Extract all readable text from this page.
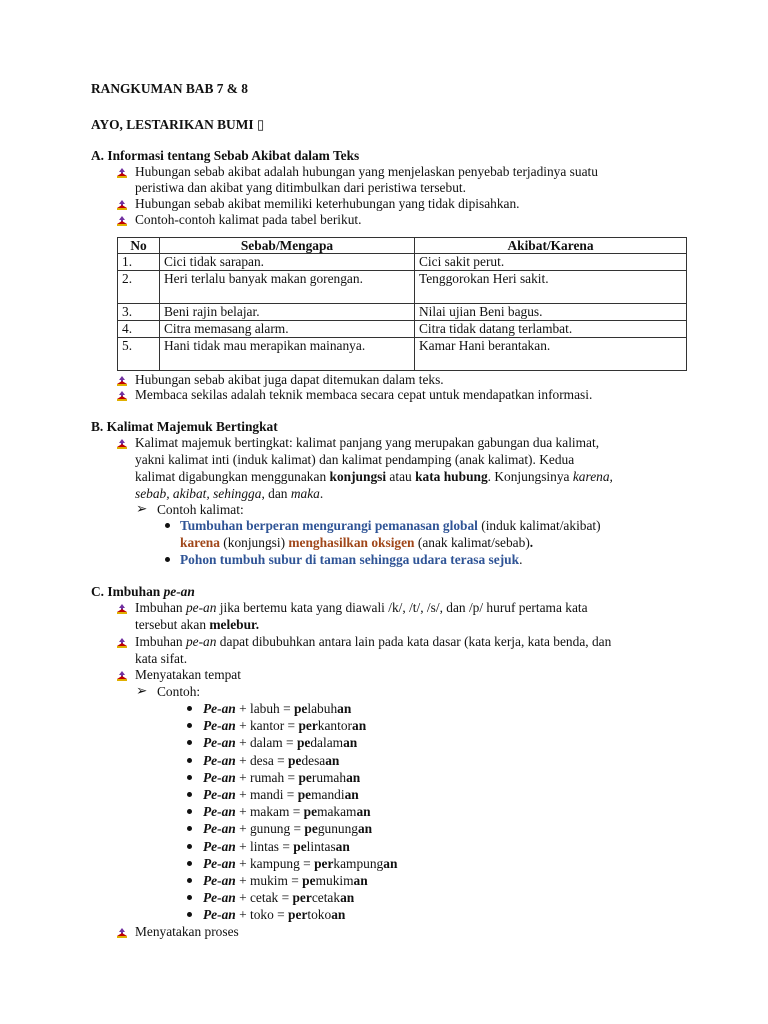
RANGKUMAN BAB 7 & 8
AYO, LESTARIKAN BUMI ▯
A. Informasi tentang Sebab Akibat dalam Teks
Hubungan sebab akibat adalah hubungan yang menjelaskan penyebab terjadinya suatu
peristiwa dan akibat yang ditimbulkan dari peristiwa tersebut.
Hubungan sebab akibat memiliki keterhubungan yang tidak dipisahkan.
Contoh-contoh kalimat pada tabel berikut.
No	Sebab/Mengapa	Akibat/Karena
1.	Cici tidak sarapan.	Cici sakit perut.
2.	Heri terlalu banyak makan gorengan.	Tenggorokan Heri sakit.
3.	Beni rajin belajar.	Nilai ujian Beni bagus.
4.	Citra memasang alarm.	Citra tidak datang terlambat.
5.	Hani tidak mau merapikan mainanya.	Kamar Hani berantakan.
Hubungan sebab akibat juga dapat ditemukan dalam teks.
Membaca sekilas adalah teknik membaca secara cepat untuk mendapatkan informasi.
B. Kalimat Majemuk Bertingkat
Kalimat majemuk bertingkat: kalimat panjang yang merupakan gabungan dua kalimat,
yakni kalimat inti (induk kalimat) dan kalimat pendamping (anak kalimat). Kedua
kalimat digabungkan menggunakan konjungsi atau kata hubung. Konjungsinya karena,
sebab, akibat, sehingga, dan maka.
➢ Contoh kalimat:
Tumbuhan berperan mengurangi pemanasan global (induk kalimat/akibat)
karena (konjungsi) menghasilkan oksigen (anak kalimat/sebab).
Pohon tumbuh subur di taman sehingga udara terasa sejuk.
C. Imbuhan pe-an
Imbuhan pe-an jika bertemu kata yang diawali /k/, /t/, /s/, dan /p/ huruf pertama kata
tersebut akan melebur.
Imbuhan pe-an dapat dibubuhkan antara lain pada kata dasar (kata kerja, kata benda, dan
kata sifat.
Menyatakan tempat
➢ Contoh:
Pe-an + labuh = pelabuhan
Pe-an + kantor = perkantoran
Pe-an + dalam = pedalaman
Pe-an + desa = pedesaan
Pe-an + rumah = perumahan
Pe-an + mandi = pemandian
Pe-an + makam = pemakaman
Pe-an + gunung = pegunungan
Pe-an + lintas = pelintasan
Pe-an + kampung = perkampungan
Pe-an + mukim = pemukiman
Pe-an + cetak = percetakan
Pe-an + toko = pertokoan
Menyatakan proses
